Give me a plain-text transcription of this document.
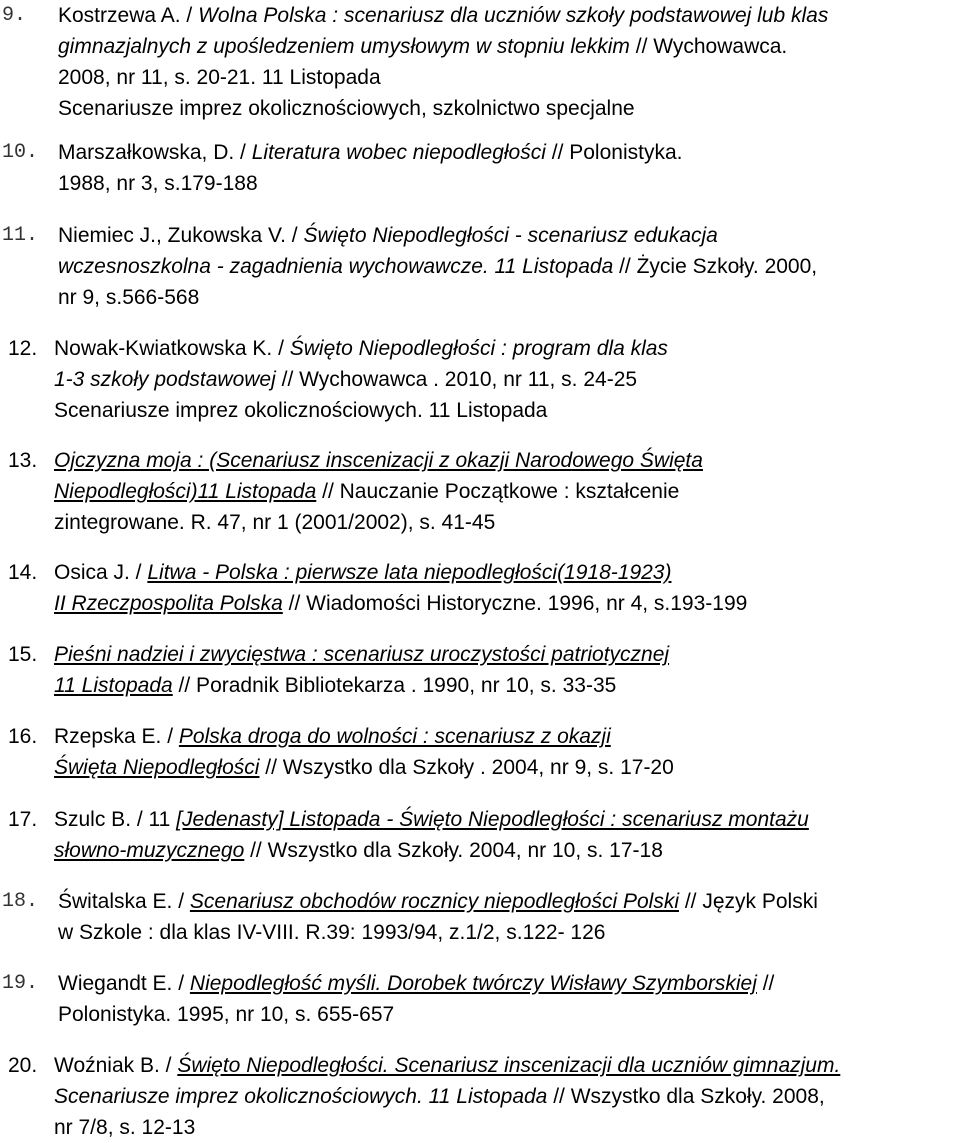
9. Kostrzewa A. / Wolna Polska : scenariusz dla uczniów szkoły podstawowej lub klas
gimnazjalnych z upośledzeniem umysłowym w stopniu lekkim // Wychowawca.
2008, nr 11, s. 20-21. 11 Listopada
Scenariusze imprez okolicznościowych, szkolnictwo specjalne
10. Marszałkowska, D. / Literatura wobec niepodległości // Polonistyka.
1988, nr 3, s.179-188
11. Niemiec J., Zukowska V. / Święto Niepodległości - scenariusz edukacja
wczesnoszkolna - zagadnienia wychowawcze. 11 Listopada // Życie Szkoły. 2000,
nr 9, s.566-568
12. Nowak-Kwiatkowska K. / Święto Niepodległości : program dla klas
1-3 szkoły podstawowej // Wychowawca . 2010, nr 11, s. 24-25
Scenariusze imprez okolicznościowych. 11 Listopada
13. Ojczyzna moja : (Scenariusz inscenizacji z okazji Narodowego Święta
Niepodległości)11 Listopada // Nauczanie Początkowe : kształcenie
zintegrowane. R. 47, nr 1 (2001/2002), s. 41-45
14. Osica J. / Litwa - Polska : pierwsze lata niepodległości(1918-1923)
II Rzeczpospolita Polska // Wiadomości Historyczne. 1996, nr 4, s.193-199
15. Pieśni nadziei i zwycięstwa : scenariusz uroczystości patriotycznej
11 Listopada // Poradnik Bibliotekarza . 1990, nr 10, s. 33-35
16. Rzepska E. / Polska droga do wolności : scenariusz z okazji
Święta Niepodległości // Wszystko dla Szkoły . 2004, nr 9, s. 17-20
17. Szulc B. / 11 [Jedenasty] Listopada - Święto Niepodległości : scenariusz montażu
słowno-muzycznego // Wszystko dla Szkoły. 2004, nr 10, s. 17-18
18. Świtalska E. / Scenariusz obchodów rocznicy niepodległości Polski // Język Polski
w Szkole : dla klas IV-VIII. R.39: 1993/94, z.1/2, s.122- 126
19. Wiegandt E. / Niepodległość myśli. Dorobek twórczy Wisławy Szymborskiej //
Polonistyka. 1995, nr 10, s. 655-657
20. Woźniak B. / Święto Niepodległości. Scenariusz inscenizacji dla uczniów gimnazjum.
Scenariusze imprez okolicznościowych. 11 Listopada // Wszystko dla Szkoły. 2008,
nr 7/8, s. 12-13
